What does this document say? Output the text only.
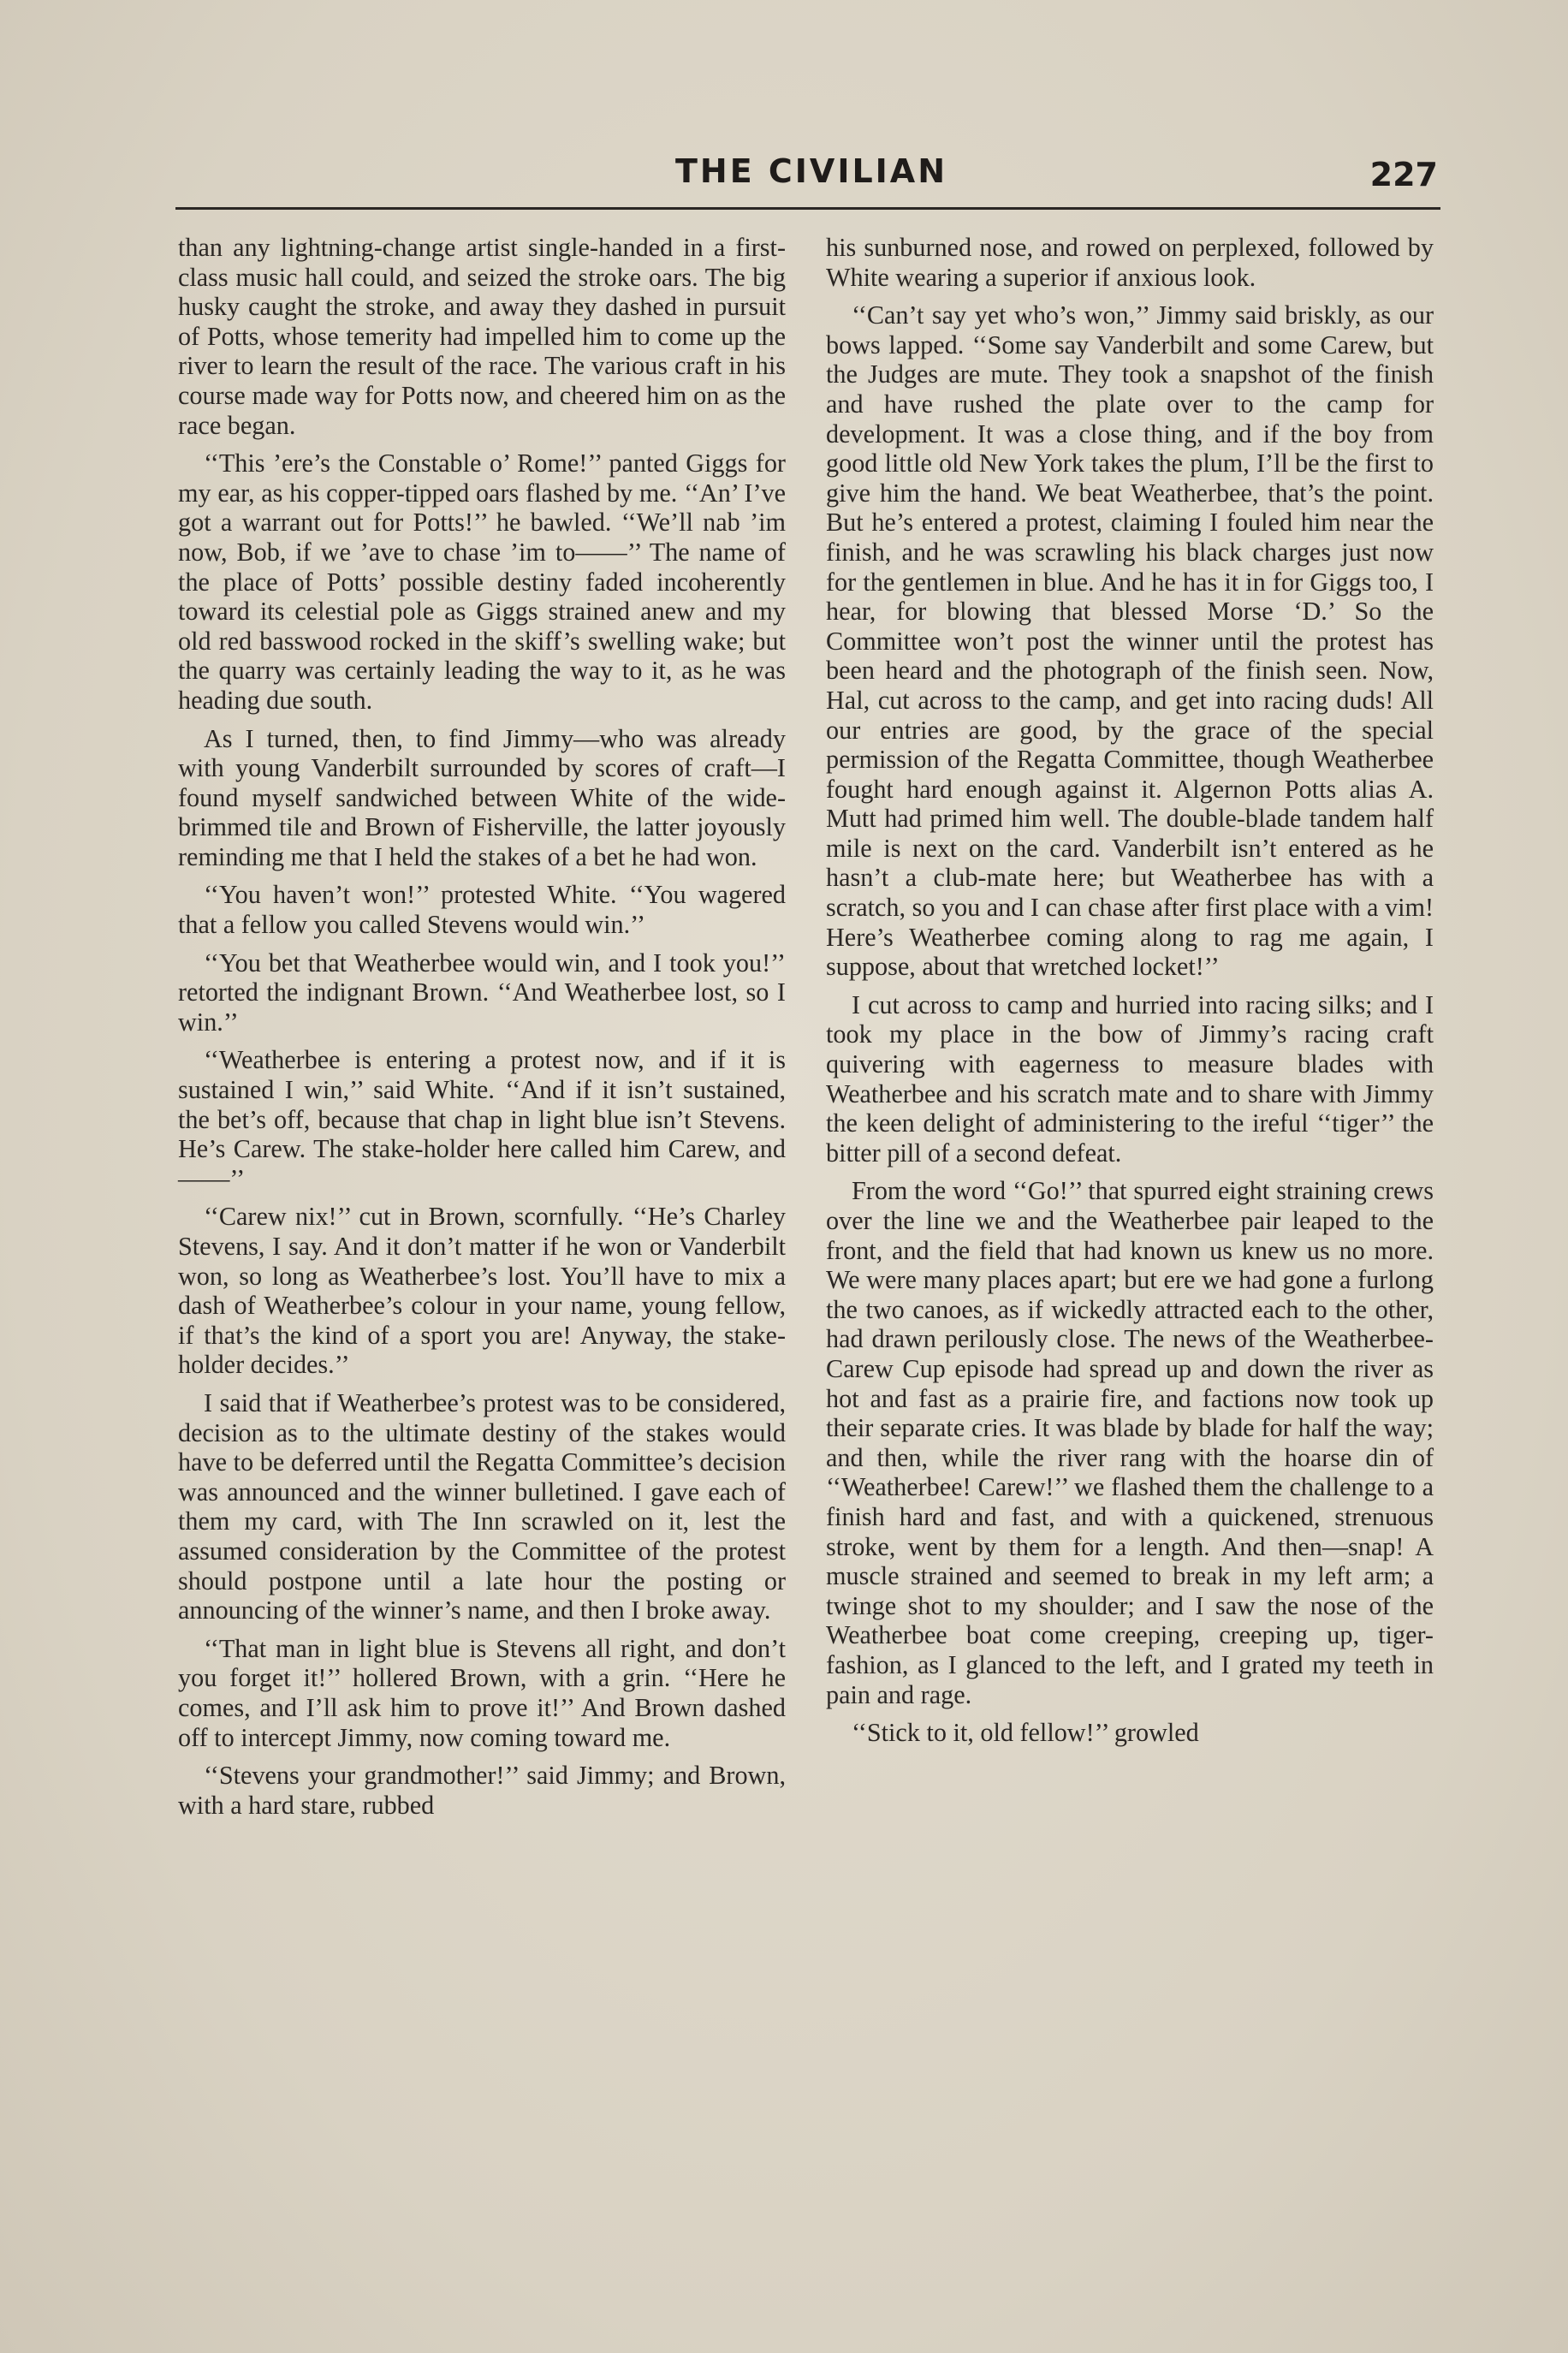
THE CIVILIAN	227

than any lightning-change artist single-handed in a first-class music hall could, and seized the stroke oars. The big husky caught the stroke, and away they dashed in pursuit of Potts, whose temerity had impelled him to come up the river to learn the result of the race. The various craft in his course made way for Potts now, and cheered him on as the race began.

‘‘This ’ere’s the Constable o’ Rome!’’ panted Giggs for my ear, as his copper-tipped oars flashed by me. ‘‘An’ I’ve got a warrant out for Potts!’’ he bawled. ‘‘We’ll nab ’im now, Bob, if we ’ave to chase ’im to——’’ The name of the place of Potts’ possible destiny faded incoherently toward its celestial pole as Giggs strained anew and my old red basswood rocked in the skiff’s swelling wake; but the quarry was certainly leading the way to it, as he was heading due south.

As I turned, then, to find Jimmy—who was already with young Vanderbilt surrounded by scores of craft—I found myself sandwiched between White of the wide-brimmed tile and Brown of Fisherville, the latter joyously reminding me that I held the stakes of a bet he had won.

‘‘You haven’t won!’’ protested White. ‘‘You wagered that a fellow you called Stevens would win.’’

‘‘You bet that Weatherbee would win, and I took you!’’ retorted the indignant Brown. ‘‘And Weatherbee lost, so I win.’’

‘‘Weatherbee is entering a protest now, and if it is sustained I win,’’ said White. ‘‘And if it isn’t sustained, the bet’s off, because that chap in light blue isn’t Stevens. He’s Carew. The stake-holder here called him Carew, and——’’

‘‘Carew nix!’’ cut in Brown, scornfully. ‘‘He’s Charley Stevens, I say. And it don’t matter if he won or Vanderbilt won, so long as Weatherbee’s lost. You’ll have to mix a dash of Weatherbee’s colour in your name, young fellow, if that’s the kind of a sport you are! Anyway, the stake-holder decides.’’

I said that if Weatherbee’s protest was to be considered, decision as to the ultimate destiny of the stakes would have to be deferred until the Regatta Committee’s decision was announced and the winner bulletined. I gave each of them my card, with The Inn scrawled on it, lest the assumed consideration by the Committee of the protest should postpone until a late hour the posting or announcing of the winner’s name, and then I broke away.

‘‘That man in light blue is Stevens all right, and don’t you forget it!’’ hollered Brown, with a grin. ‘‘Here he comes, and I’ll ask him to prove it!’’ And Brown dashed off to intercept Jimmy, now coming toward me.

‘‘Stevens your grandmother!’’ said Jimmy; and Brown, with a hard stare, rubbed

his sunburned nose, and rowed on perplexed, followed by White wearing a superior if anxious look.

‘‘Can’t say yet who’s won,’’ Jimmy said briskly, as our bows lapped. ‘‘Some say Vanderbilt and some Carew, but the Judges are mute. They took a snapshot of the finish and have rushed the plate over to the camp for development. It was a close thing, and if the boy from good little old New York takes the plum, I’ll be the first to give him the hand. We beat Weatherbee, that’s the point. But he’s entered a protest, claiming I fouled him near the finish, and he was scrawling his black charges just now for the gentlemen in blue. And he has it in for Giggs too, I hear, for blowing that blessed Morse ‘D.’ So the Committee won’t post the winner until the protest has been heard and the photograph of the finish seen. Now, Hal, cut across to the camp, and get into racing duds! All our entries are good, by the grace of the special permission of the Regatta Committee, though Weatherbee fought hard enough against it. Algernon Potts alias A. Mutt had primed him well. The double-blade tandem half mile is next on the card. Vanderbilt isn’t entered as he hasn’t a club-mate here; but Weatherbee has with a scratch, so you and I can chase after first place with a vim! Here’s Weatherbee coming along to rag me again, I suppose, about that wretched locket!’’

I cut across to camp and hurried into racing silks; and I took my place in the bow of Jimmy’s racing craft quivering with eagerness to measure blades with Weatherbee and his scratch mate and to share with Jimmy the keen delight of administering to the ireful ‘‘tiger’’ the bitter pill of a second defeat.

From the word ‘‘Go!’’ that spurred eight straining crews over the line we and the Weatherbee pair leaped to the front, and the field that had known us knew us no more. We were many places apart; but ere we had gone a furlong the two canoes, as if wickedly attracted each to the other, had drawn perilously close. The news of the Weatherbee-Carew Cup episode had spread up and down the river as hot and fast as a prairie fire, and factions now took up their separate cries. It was blade by blade for half the way; and then, while the river rang with the hoarse din of ‘‘Weatherbee! Carew!’’ we flashed them the challenge to a finish hard and fast, and with a quickened, strenuous stroke, went by them for a length. And then—snap! A muscle strained and seemed to break in my left arm; a twinge shot to my shoulder; and I saw the nose of the Weatherbee boat come creeping, creeping up, tiger-fashion, as I glanced to the left, and I grated my teeth in pain and rage.

‘‘Stick to it, old fellow!’’ growled
